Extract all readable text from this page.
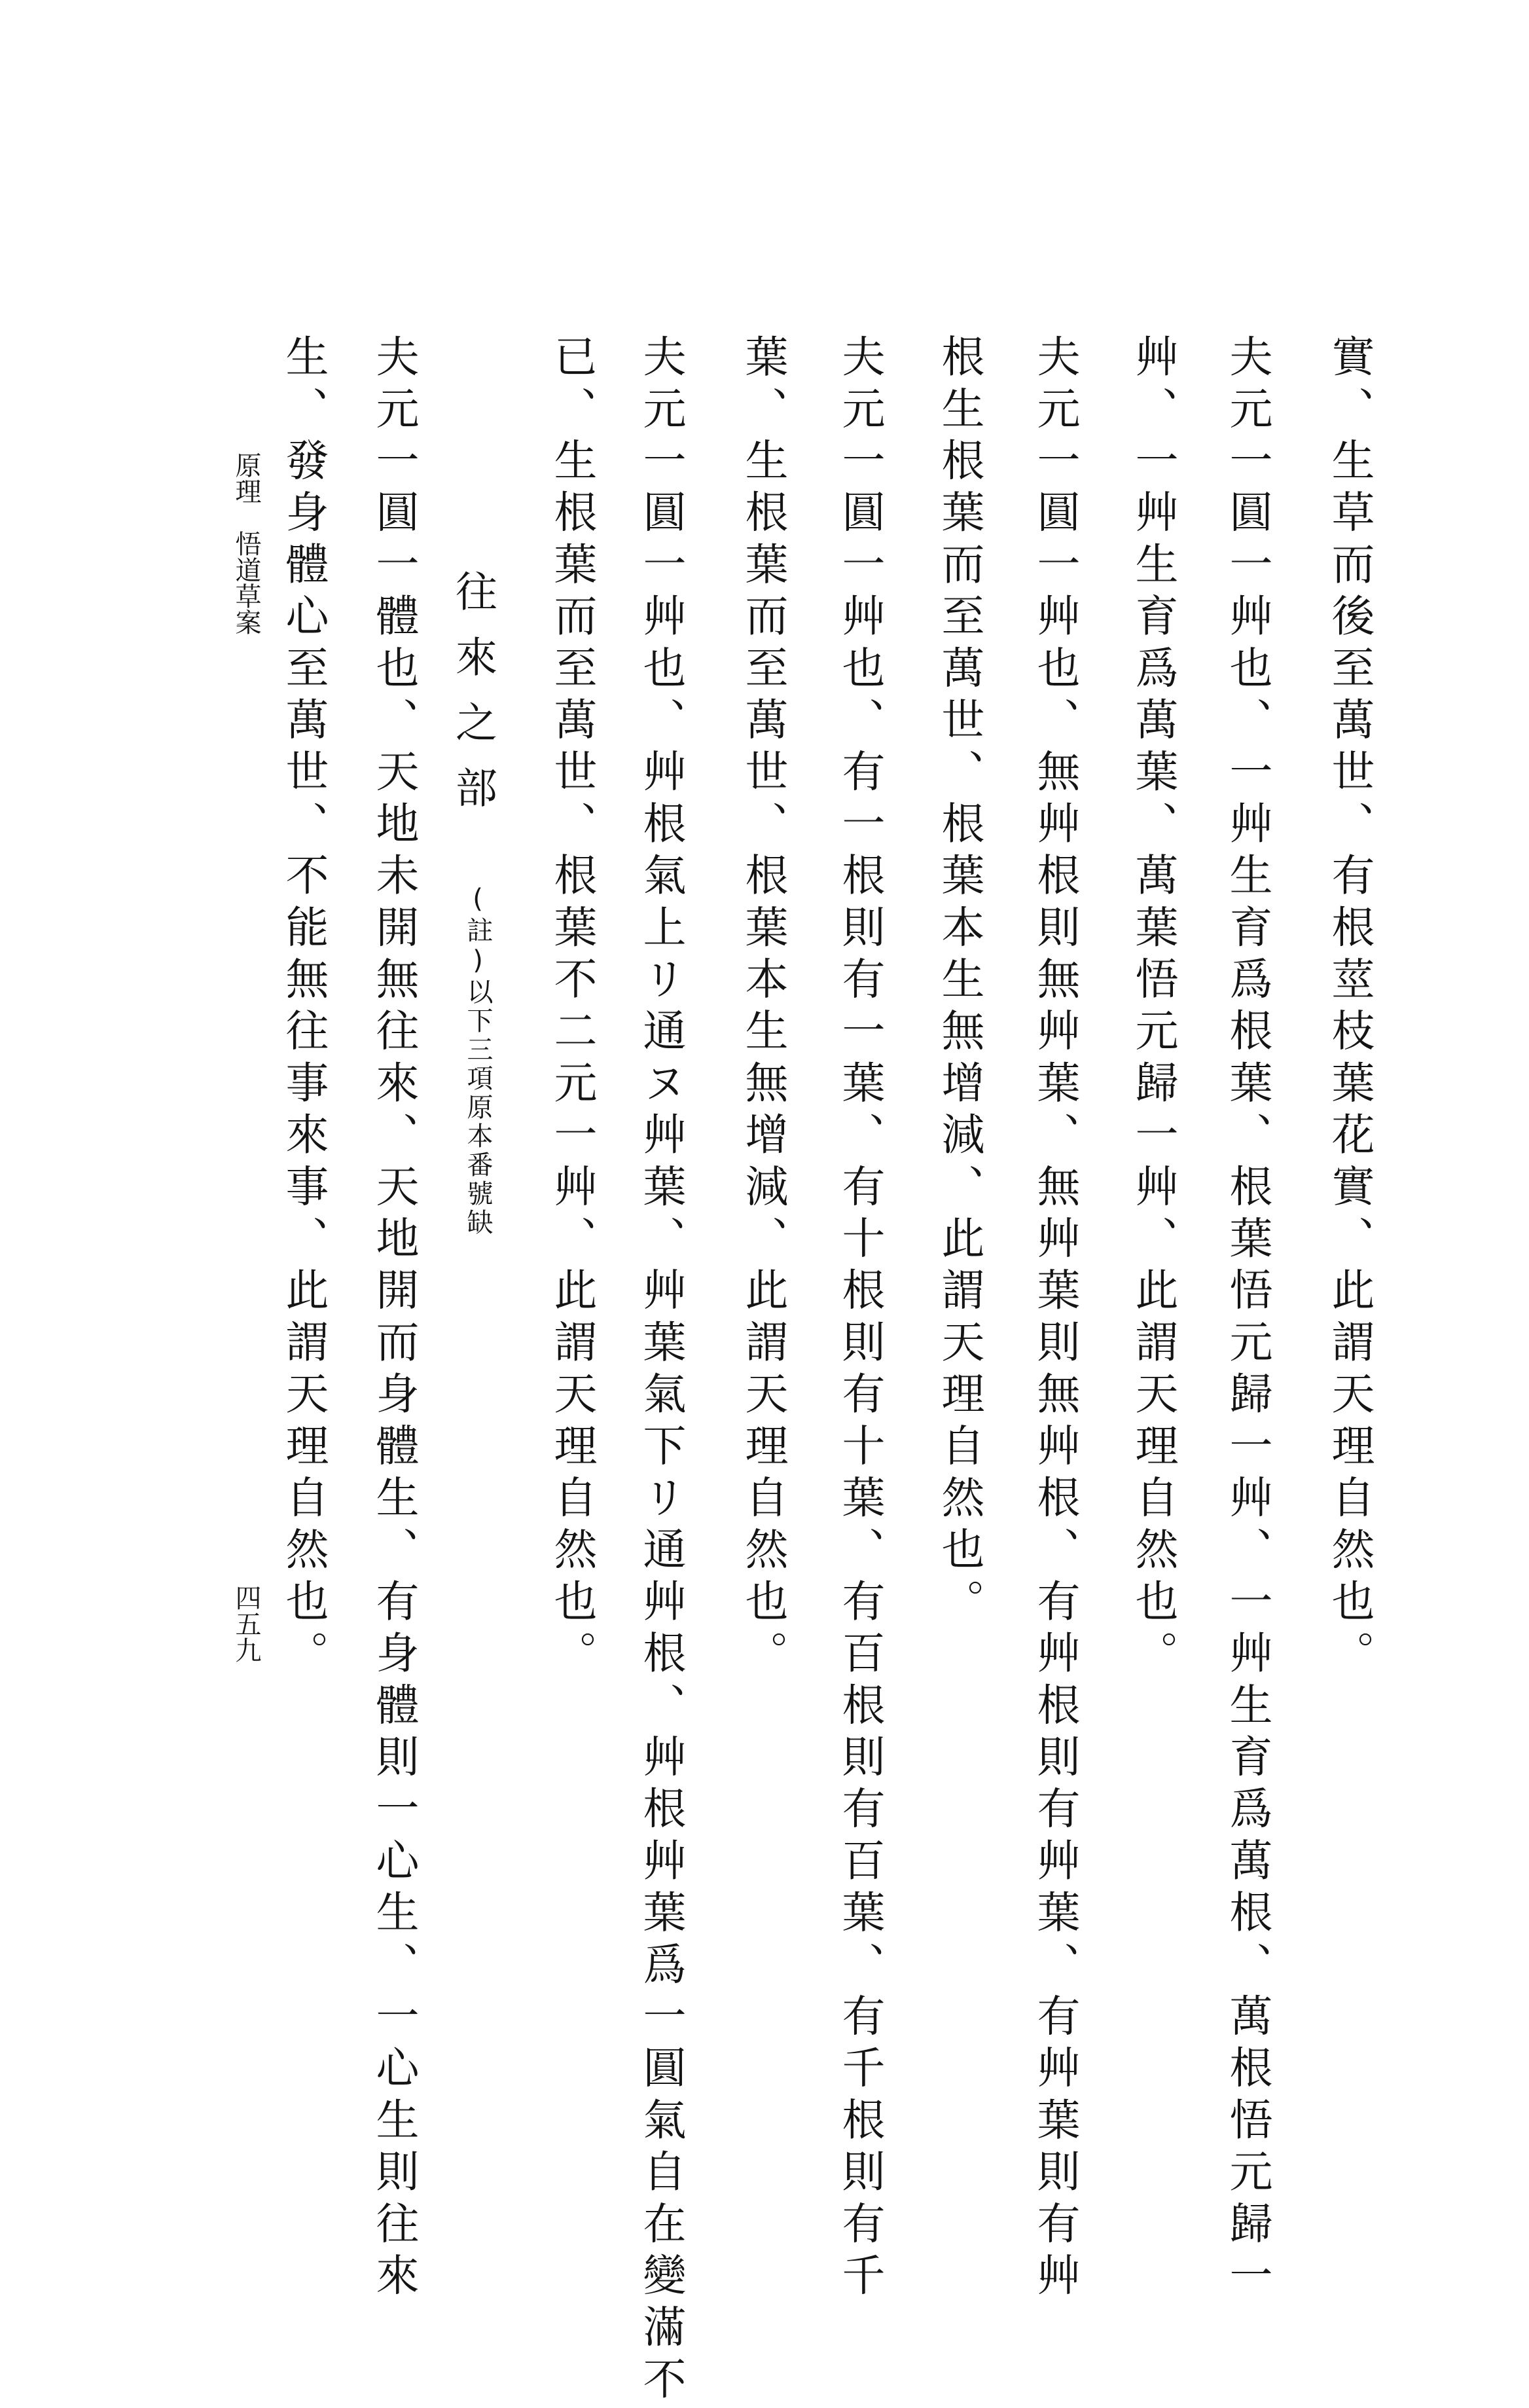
實、生草而後至萬世、有根莖枝葉花實、此謂天理自然也。
夫元一圓一艸也、一艸生育爲根葉、根葉悟元歸一艸、一艸生育爲萬根、萬根悟元歸一
艸、一艸生育爲萬葉、萬葉悟元歸一艸、此謂天理自然也。
夫元一圓一艸也、無艸根則無艸葉、無艸葉則無艸根、有艸根則有艸葉、有艸葉則有艸
根生根葉而至萬世、根葉本生無增減、此謂天理自然也。
夫元一圓一艸也、有一根則有一葉、有十根則有十葉、有百根則有百葉、有千根則有千
葉、生根葉而至萬世、根葉本生無增減、此謂天理自然也。
夫元一圓一艸也、艸根氣上リ通ヌ艸葉、艸葉氣下リ通艸根、艸根艸葉爲一圓氣自在變滿不
已、生根葉而至萬世、根葉不二元一艸、此謂天理自然也。
往來之部
(註)以下三項原本番號缺
夫元一圓一體也、天地未開無往來、天地開而身體生、有身體則一心生、一心生則往來
生、發身體心至萬世、不能無往事來事、此謂天理自然也。
原理　悟道草案
四五九
